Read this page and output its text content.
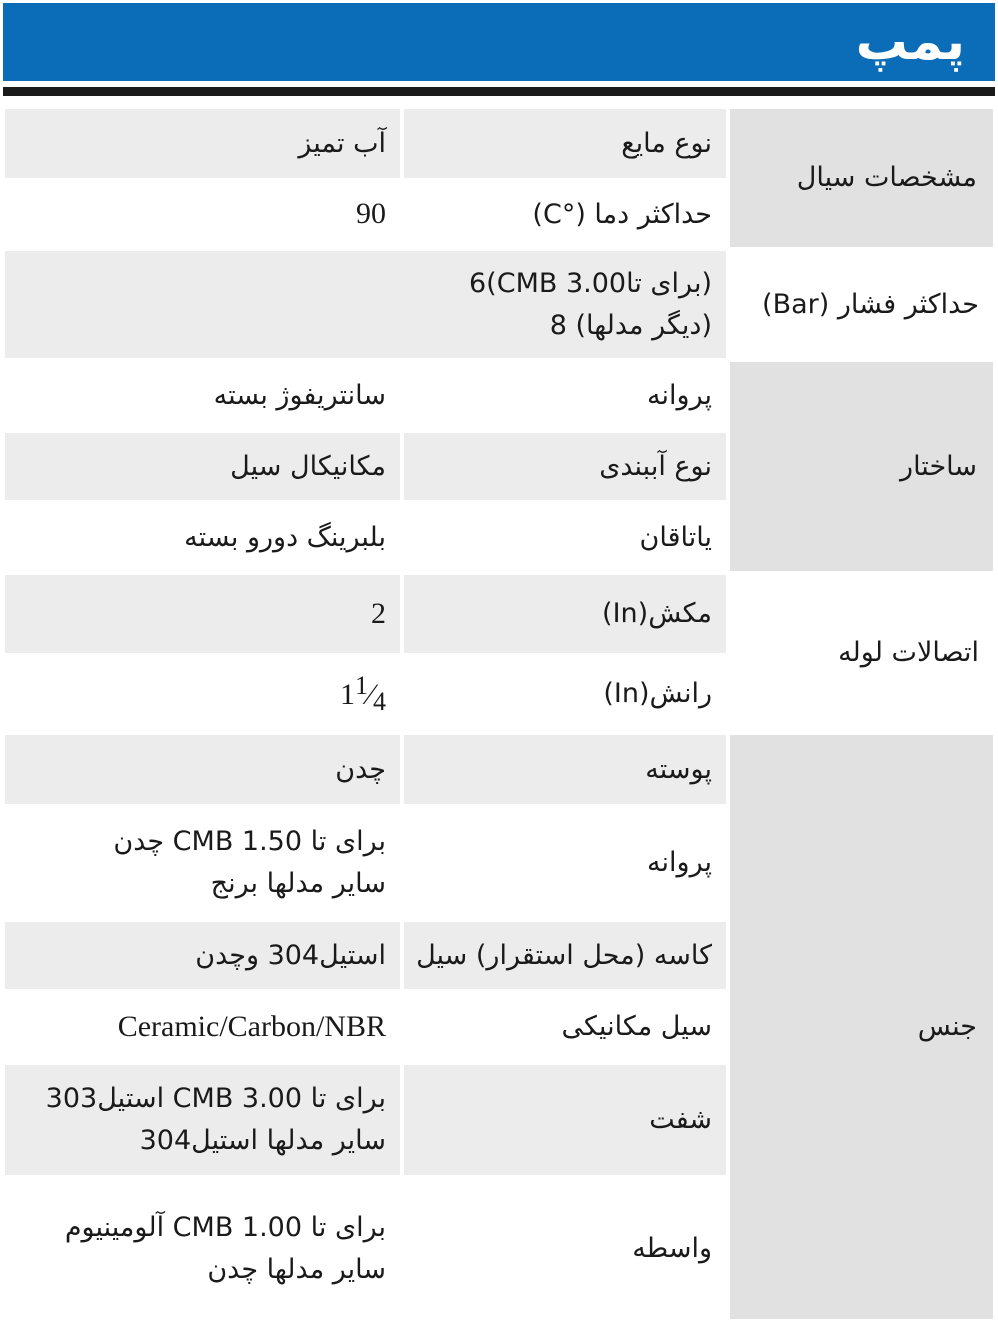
پمپ
مشخصات سیال
نوع مایع
آب تمیز
حداکثر دما (°C)
90
حداکثر فشار (Bar)
(برای تاCMB 3.00)6
(دیگر مدلها) 8
ساختار
پروانه
سانتریفوژ بسته
نوع آببندی
مکانیکال سیل
یاتاقان
بلبرینگ دورو بسته
اتصالات لوله
مکش(In)
2
رانش(In)
$1^1⁄_4$
جنس
پوسته
چدن
پروانه
برای تا CMB 1.50 چدن
سایر مدلها برنج
کاسه (محل استقرار) سیل
استیل304 وچدن
سیل مکانیکی
Ceramic/Carbon/NBR
شفت
برای تا CMB 3.00 استیل303
سایر مدلها استیل304
واسطه
برای تا CMB 1.00 آلومینیوم
سایر مدلها چدن
